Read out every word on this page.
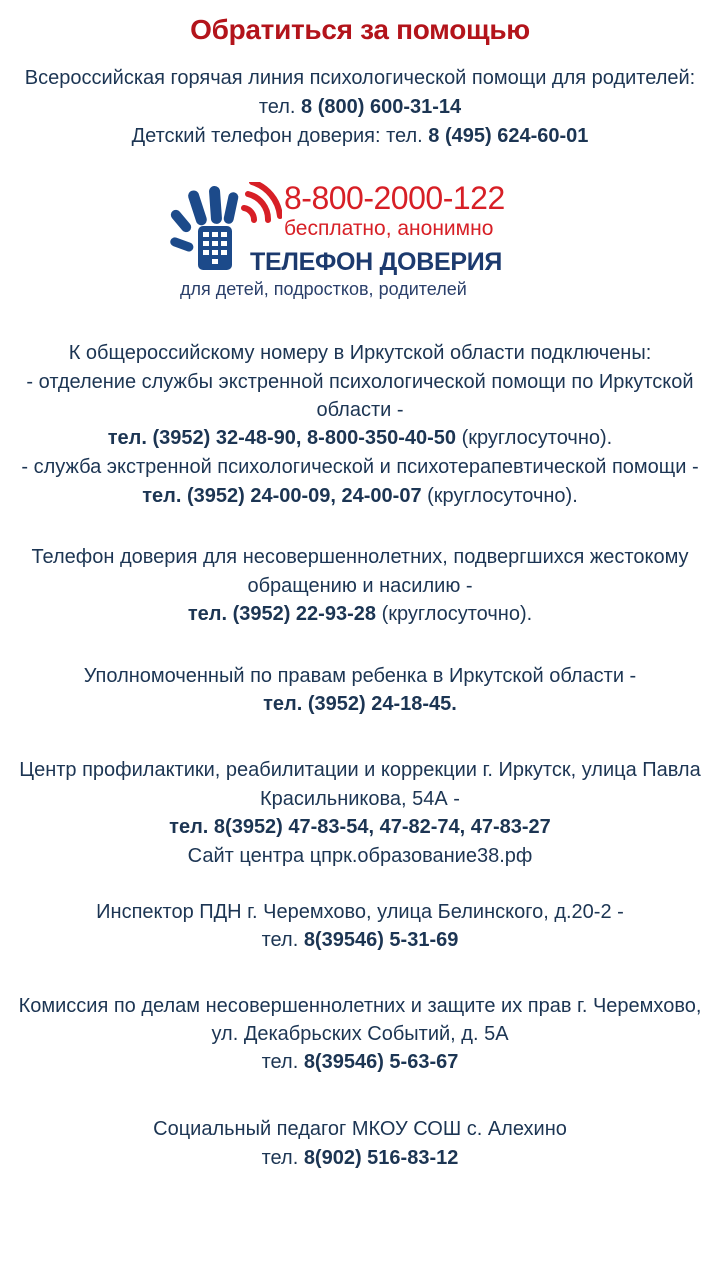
Обратиться за помощью
Всероссийская горячая линия психологической помощи для родителей:
тел. 8 (800) 600-31-14
Детский телефон доверия: тел. 8 (495) 624-60-01
8-800-2000-122
бесплатно, анонимно
ТЕЛЕФОН ДОВЕРИЯ
для детей, подростков, родителей
К общероссийскому номеру в Иркутской области подключены:
- отделение службы экстренной психологической помощи по Иркутской
области -
тел. (3952) 32-48-90, 8-800-350-40-50 (круглосуточно).
- служба экстренной психологической и психотерапевтической помощи -
тел. (3952) 24-00-09, 24-00-07 (круглосуточно).
Телефон доверия для несовершеннолетних, подвергшихся жестокому
обращению и насилию -
тел. (3952) 22-93-28 (круглосуточно).
Уполномоченный по правам ребенка в Иркутской области -
тел. (3952) 24-18-45.
Центр профилактики, реабилитации и коррекции г. Иркутск, улица Павла
Красильникова, 54А -
тел. 8(3952) 47-83-54, 47-82-74, 47-83-27
Сайт центра цпрк.образование38.рф
Инспектор ПДН г. Черемхово, улица Белинского, д.20-2 -
тел. 8(39546) 5-31-69
Комиссия по делам несовершеннолетних и защите их прав г. Черемхово,
ул. Декабрьских Событий, д. 5А
тел. 8(39546) 5-63-67
Социальный педагог МКОУ СОШ с. Алехино
тел. 8(902) 516-83-12
